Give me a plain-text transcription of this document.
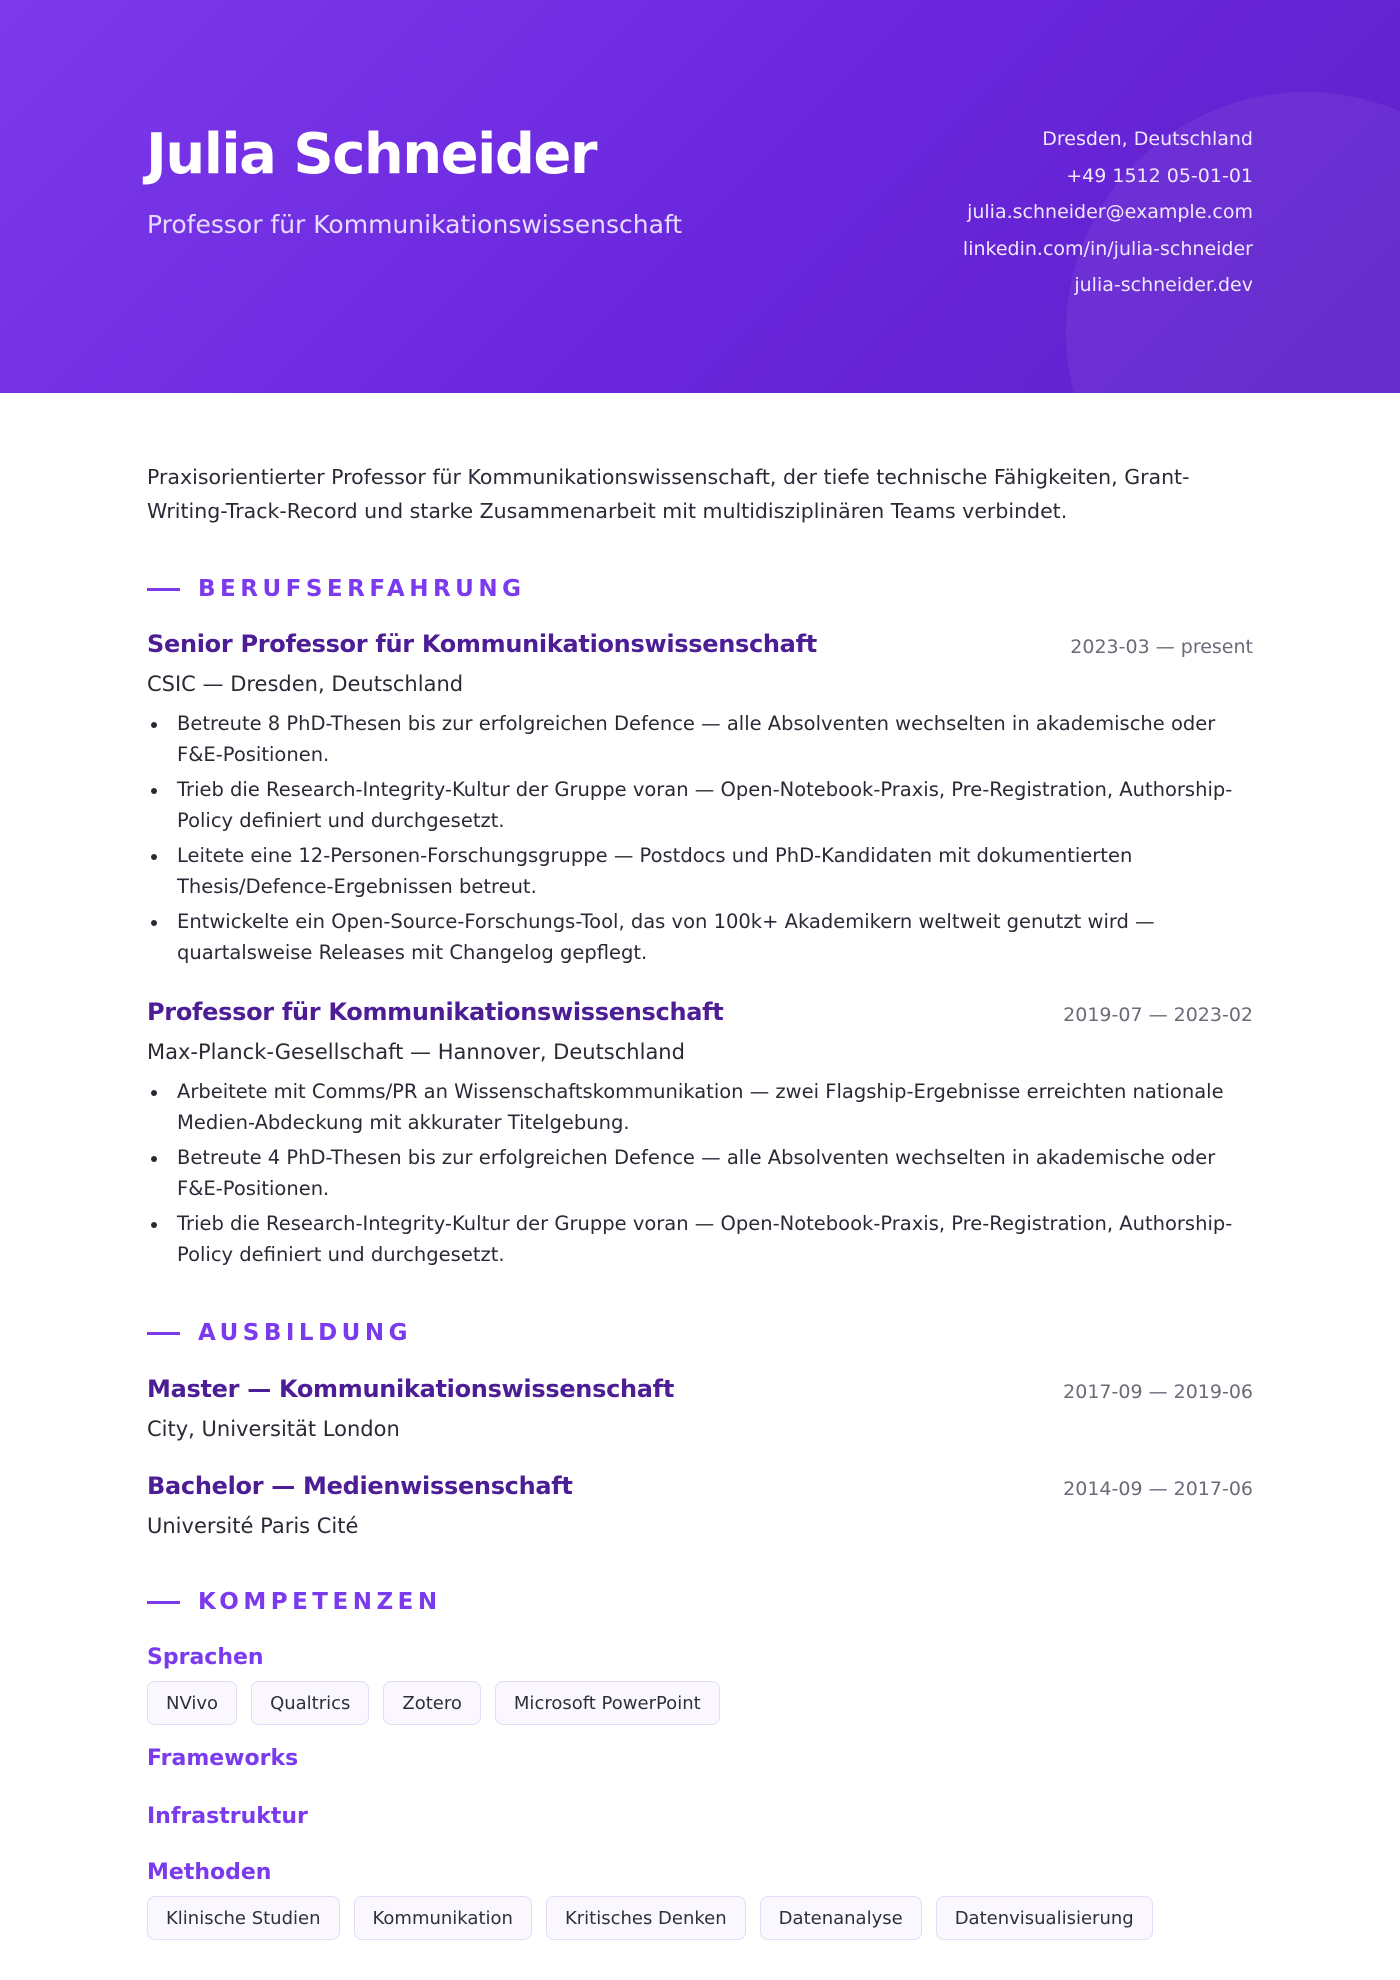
Julia Schneider
Professor für Kommunikationswissenschaft
Dresden, Deutschland
+49 1512 05-01-01
julia.schneider@example.com
linkedin.com/in/julia-schneider
julia-schneider.dev
Praxisorientierter Professor für Kommunikationswissenschaft, der tiefe technische Fähigkeiten, Grant-Writing-Track-Record und starke Zusammenarbeit mit multidisziplinären Teams verbindet.
BERUFSERFAHRUNG
Senior Professor für Kommunikationswissenschaft	2023-03 — present
CSIC — Dresden, Deutschland
Betreute 8 PhD-Thesen bis zur erfolgreichen Defence — alle Absolventen wechselten in akademische oder F&E-Positionen.
Trieb die Research-Integrity-Kultur der Gruppe voran — Open-Notebook-Praxis, Pre-Registration, Authorship-Policy definiert und durchgesetzt.
Leitete eine 12-Personen-Forschungsgruppe — Postdocs und PhD-Kandidaten mit dokumentierten Thesis/Defence-Ergebnissen betreut.
Entwickelte ein Open-Source-Forschungs-Tool, das von 100k+ Akademikern weltweit genutzt wird — quartalsweise Releases mit Changelog gepflegt.
Professor für Kommunikationswissenschaft	2019-07 — 2023-02
Max-Planck-Gesellschaft — Hannover, Deutschland
Arbeitete mit Comms/PR an Wissenschaftskommunikation — zwei Flagship-Ergebnisse erreichten nationale Medien-Abdeckung mit akkurater Titelgebung.
Betreute 4 PhD-Thesen bis zur erfolgreichen Defence — alle Absolventen wechselten in akademische oder F&E-Positionen.
Trieb die Research-Integrity-Kultur der Gruppe voran — Open-Notebook-Praxis, Pre-Registration, Authorship-Policy definiert und durchgesetzt.
AUSBILDUNG
Master — Kommunikationswissenschaft	2017-09 — 2019-06
City, Universität London
Bachelor — Medienwissenschaft	2014-09 — 2017-06
Université Paris Cité
KOMPETENZEN
Sprachen
NVivo	Qualtrics	Zotero	Microsoft PowerPoint
Frameworks
Infrastruktur
Methoden
Klinische Studien	Kommunikation	Kritisches Denken	Datenanalyse	Datenvisualisierung
